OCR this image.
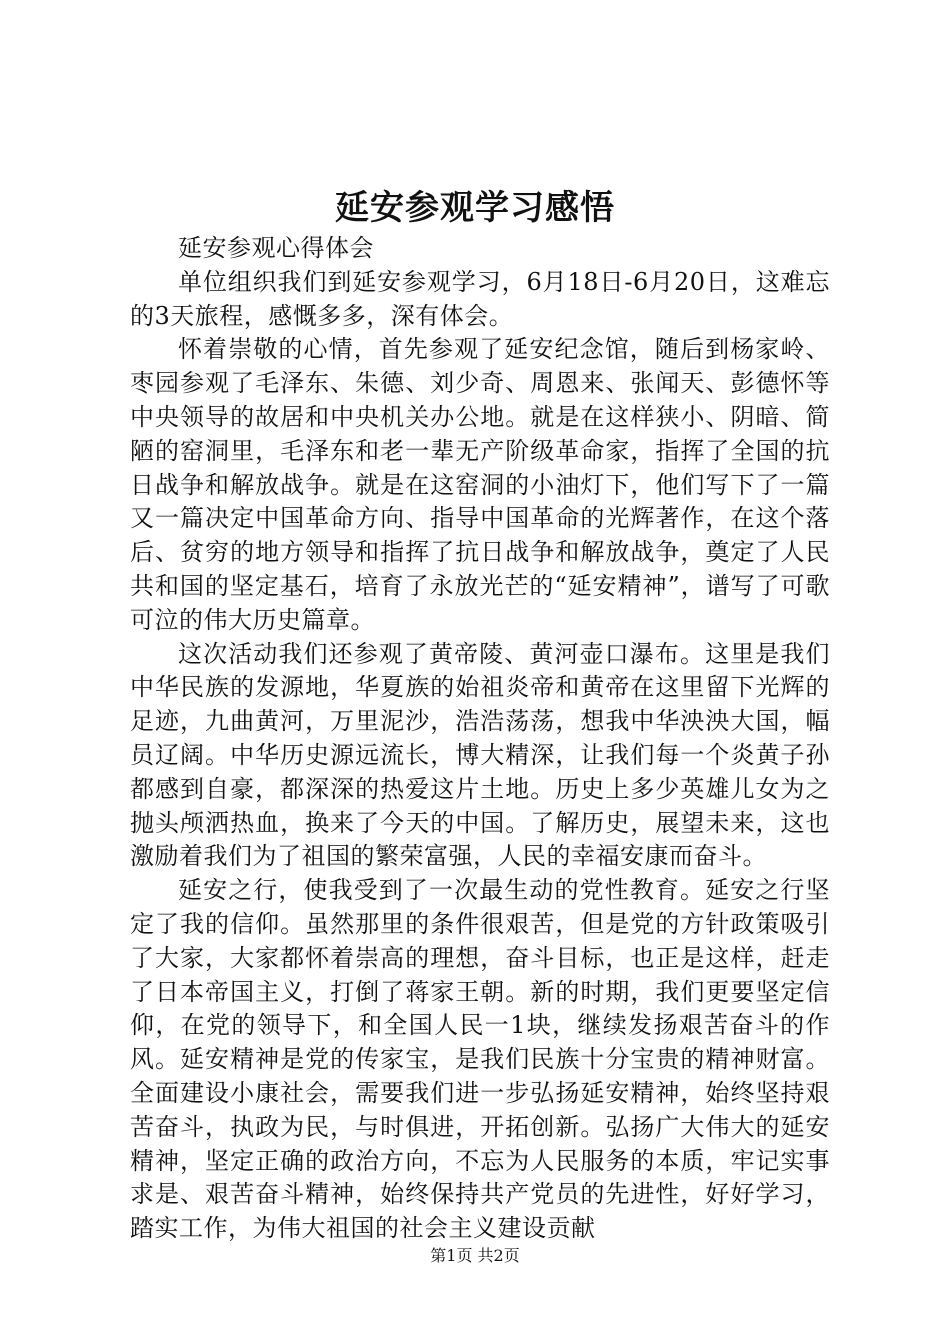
延安参观学习感悟

延安参观心得体会

单位组织我们到延安参观学习，6月18日-6月20日，这难忘的3天旅程，感慨多多，深有体会。

怀着崇敬的心情，首先参观了延安纪念馆，随后到杨家岭、枣园参观了毛泽东、朱德、刘少奇、周恩来、张闻天、彭德怀等中央领导的故居和中央机关办公地。就是在这样狭小、阴暗、简陋的窑洞里，毛泽东和老一辈无产阶级革命家，指挥了全国的抗日战争和解放战争。就是在这窑洞的小油灯下，他们写下了一篇又一篇决定中国革命方向、指导中国革命的光辉著作，在这个落后、贫穷的地方领导和指挥了抗日战争和解放战争，奠定了人民共和国的坚定基石，培育了永放光芒的“延安精神”，谱写了可歌可泣的伟大历史篇章。

这次活动我们还参观了黄帝陵、黄河壶口瀑布。这里是我们中华民族的发源地，华夏族的始祖炎帝和黄帝在这里留下光辉的足迹，九曲黄河，万里泥沙，浩浩荡荡，想我中华泱泱大国，幅员辽阔。中华历史源远流长，博大精深，让我们每一个炎黄子孙都感到自豪，都深深的热爱这片土地。历史上多少英雄儿女为之抛头颅洒热血，换来了今天的中国。了解历史，展望未来，这也激励着我们为了祖国的繁荣富强，人民的幸福安康而奋斗。

延安之行，使我受到了一次最生动的党性教育。延安之行坚定了我的信仰。虽然那里的条件很艰苦，但是党的方针政策吸引了大家，大家都怀着崇高的理想，奋斗目标，也正是这样，赶走了日本帝国主义，打倒了蒋家王朝。新的时期，我们更要坚定信仰，在党的领导下，和全国人民一1块，继续发扬艰苦奋斗的作风。延安精神是党的传家宝，是我们民族十分宝贵的精神财富。全面建设小康社会，需要我们进一步弘扬延安精神，始终坚持艰苦奋斗，执政为民，与时俱进，开拓创新。弘扬广大伟大的延安精神，坚定正确的政治方向，不忘为人民服务的本质，牢记实事求是、艰苦奋斗精神，始终保持共产党员的先进性，好好学习，踏实工作，为伟大祖国的社会主义建设贡献

第1页 共2页
